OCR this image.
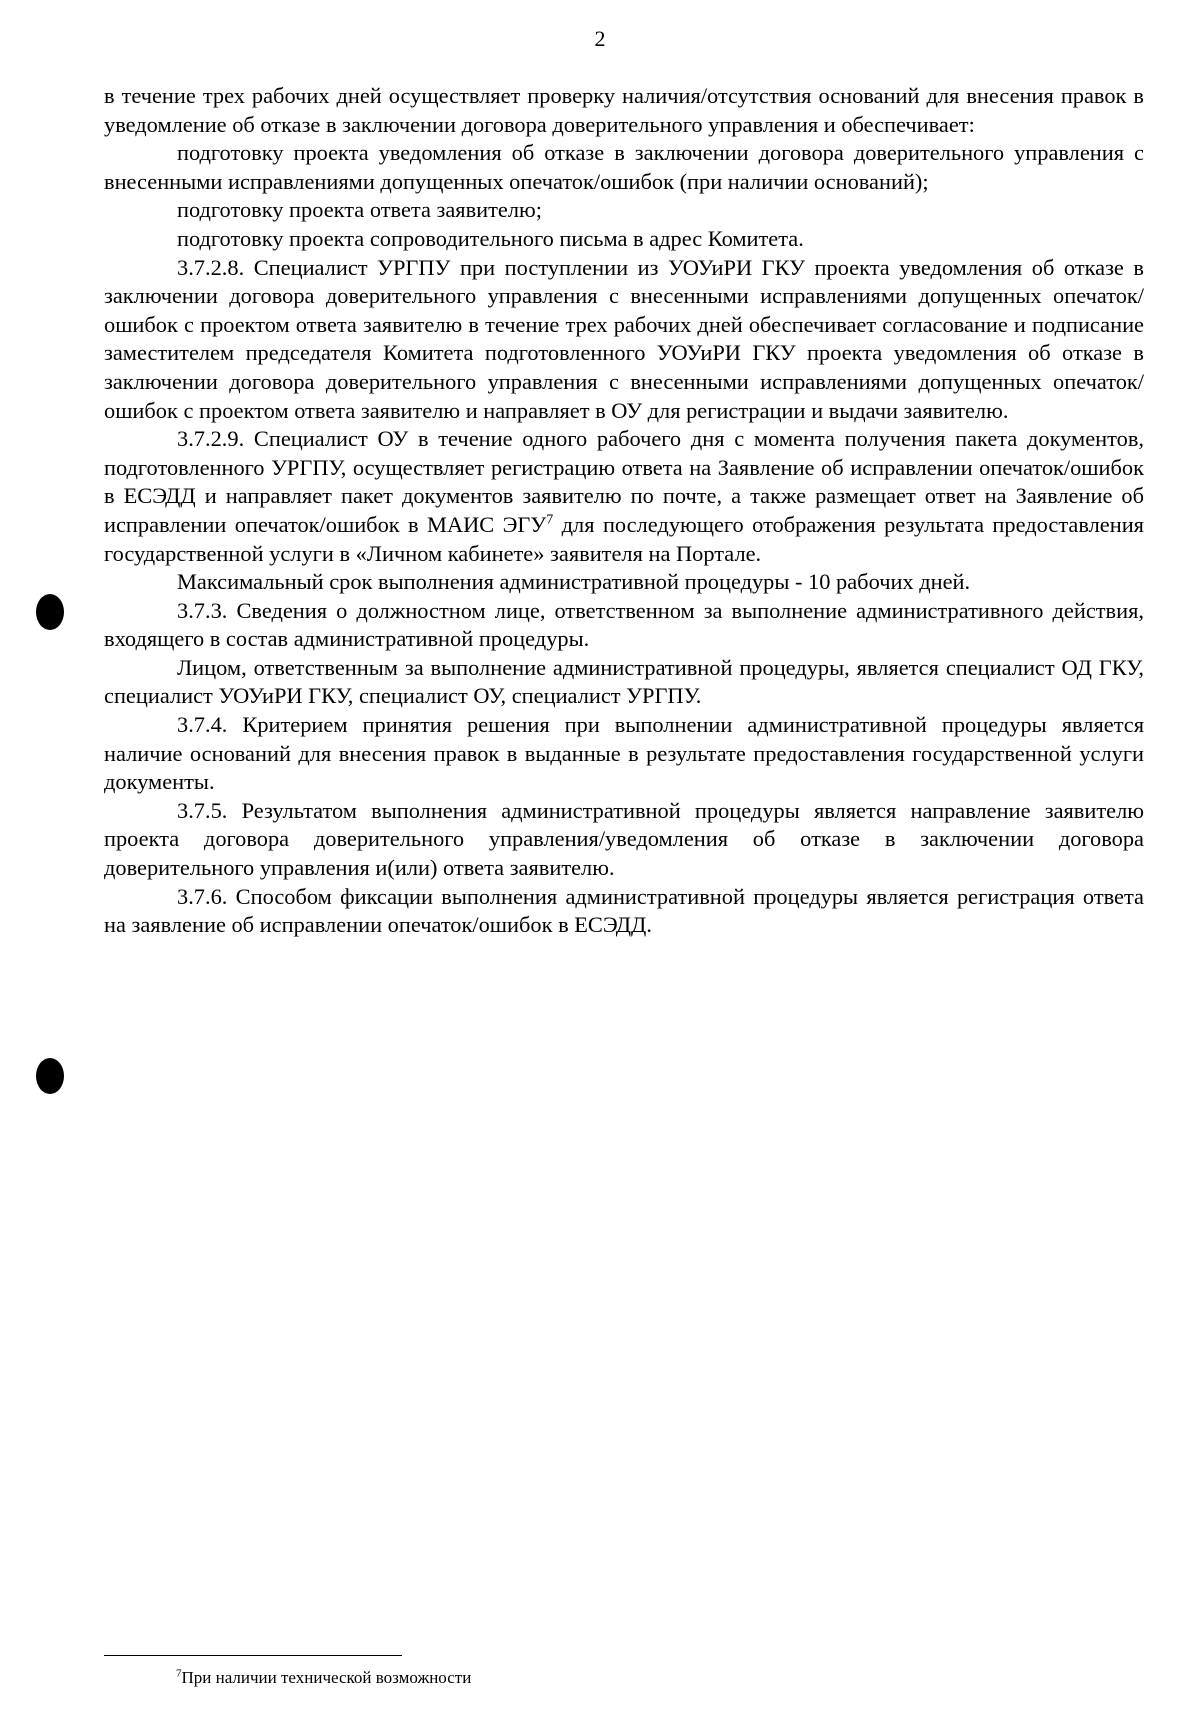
2

в течение трех рабочих дней осуществляет проверку наличия/отсутствия оснований для внесения правок в уведомление об отказе в заключении договора доверительного управления и обеспечивает:

подготовку проекта уведомления об отказе в заключении договора доверительного управления с внесенными исправлениями допущенных опечаток/ошибок (при наличии оснований);

подготовку проекта ответа заявителю;

подготовку проекта сопроводительного письма в адрес Комитета.

3.7.2.8. Специалист УРГПУ при поступлении из УОУиРИ ГКУ проекта уведомления об отказе в заключении договора доверительного управления с внесенными исправлениями допущенных опечаток/ошибок с проектом ответа заявителю в течение трех рабочих дней обеспечивает согласование и подписание заместителем председателя Комитета подготовленного УОУиРИ ГКУ проекта уведомления об отказе в заключении договора доверительного управления с внесенными исправлениями допущенных опечаток/ошибок с проектом ответа заявителю и направляет в ОУ для регистрации и выдачи заявителю.

3.7.2.9. Специалист ОУ в течение одного рабочего дня с момента получения пакета документов, подготовленного УРГПУ, осуществляет регистрацию ответа на Заявление об исправлении опечаток/ошибок в ЕСЭДД и направляет пакет документов заявителю по почте, а также размещает ответ на Заявление об исправлении опечаток/ошибок в МАИС ЭГУ$^7$ для последующего отображения результата предоставления государственной услуги в «Личном кабинете» заявителя на Портале.

Максимальный срок выполнения административной процедуры - 10 рабочих дней.

3.7.3. Сведения о должностном лице, ответственном за выполнение административного действия, входящего в состав административной процедуры.

Лицом, ответственным за выполнение административной процедуры, является специалист ОД ГКУ, специалист УОУиРИ ГКУ, специалист ОУ, специалист УРГПУ.

3.7.4. Критерием принятия решения при выполнении административной процедуры является наличие оснований для внесения правок в выданные в результате предоставления государственной услуги документы.

3.7.5. Результатом выполнения административной процедуры является направление заявителю проекта договора доверительного управления/уведомления об отказе в заключении договора доверительного управления и(или) ответа заявителю.

3.7.6. Способом фиксации выполнения административной процедуры является регистрация ответа на заявление об исправлении опечаток/ошибок в ЕСЭДД.

$^7$При наличии технической возможности
